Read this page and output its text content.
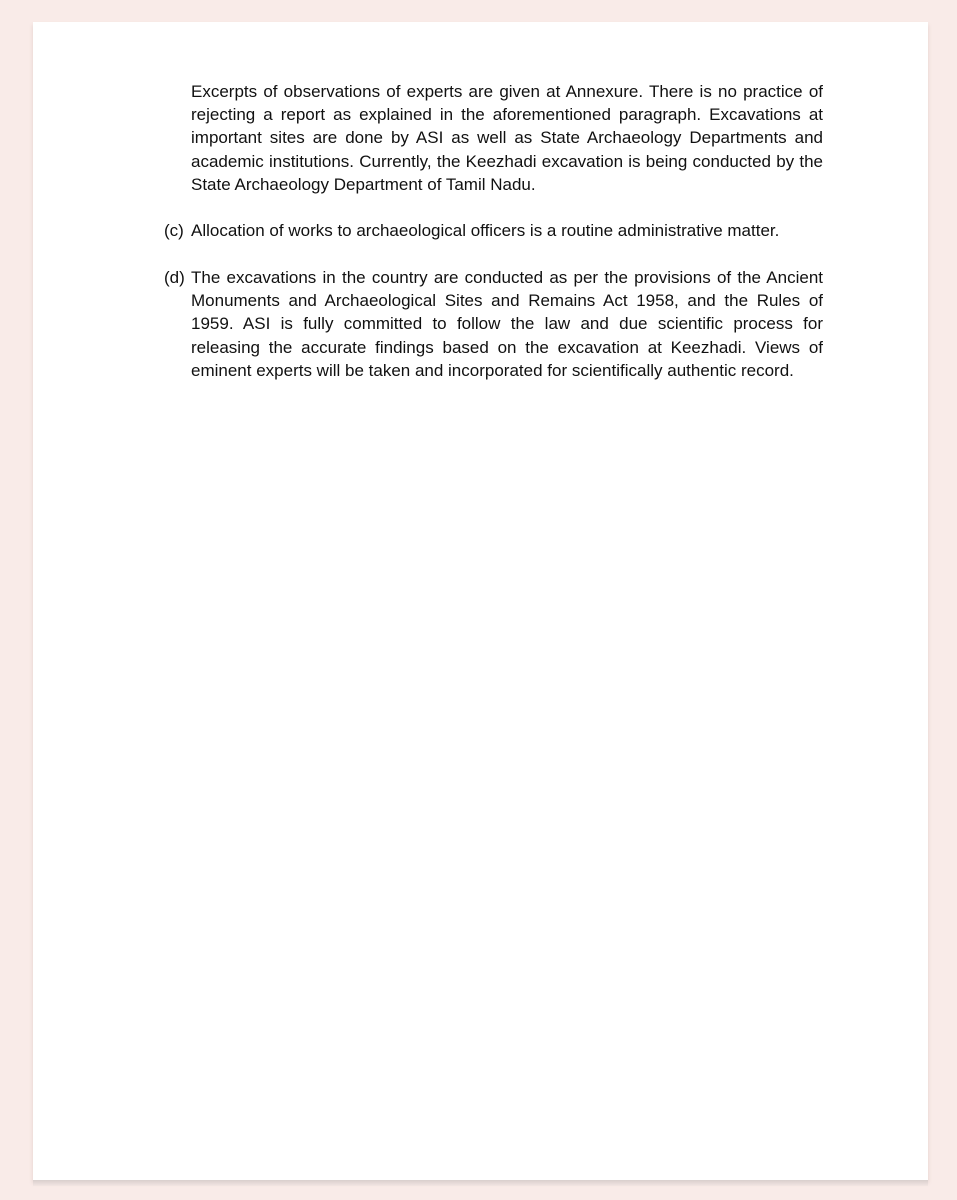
Excerpts of observations of experts are given at Annexure. There is no practice of rejecting a report as explained in the aforementioned paragraph. Excavations at important sites are done by ASI as well as State Archaeology Departments and academic institutions. Currently, the Keezhadi excavation is being conducted by the State Archaeology Department of Tamil Nadu.
(c) Allocation of works to archaeological officers is a routine administrative matter.
(d) The excavations in the country are conducted as per the provisions of the Ancient Monuments and Archaeological Sites and Remains Act 1958, and the Rules of 1959. ASI is fully committed to follow the law and due scientific process for releasing the accurate findings based on the excavation at Keezhadi. Views of eminent experts will be taken and incorporated for scientifically authentic record.
